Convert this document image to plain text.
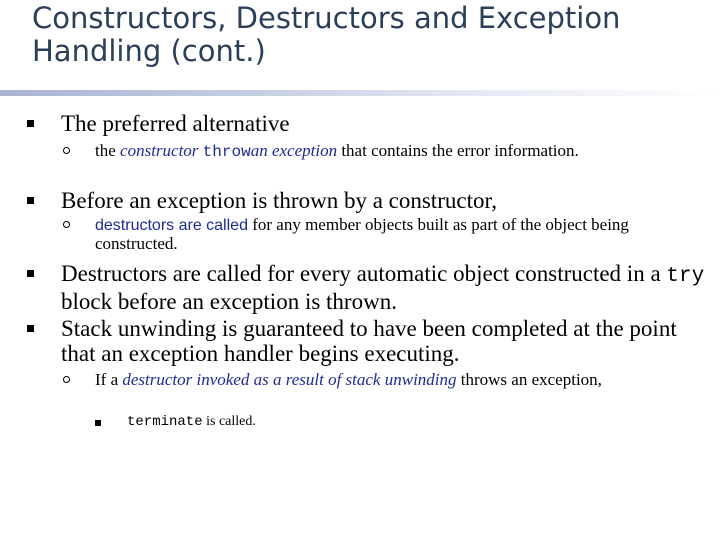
Constructors, Destructors and Exception Handling (cont.)
The preferred alternative
the constructor throwan exception that contains the error information.
Before an exception is thrown by a constructor,
destructors are called for any member objects built as part of the object being constructed.
Destructors are called for every automatic object constructed in a try block before an exception is thrown.
Stack unwinding is guaranteed to have been completed at the point that an exception handler begins executing.
If a destructor invoked as a result of stack unwinding throws an exception,
terminate is called.
